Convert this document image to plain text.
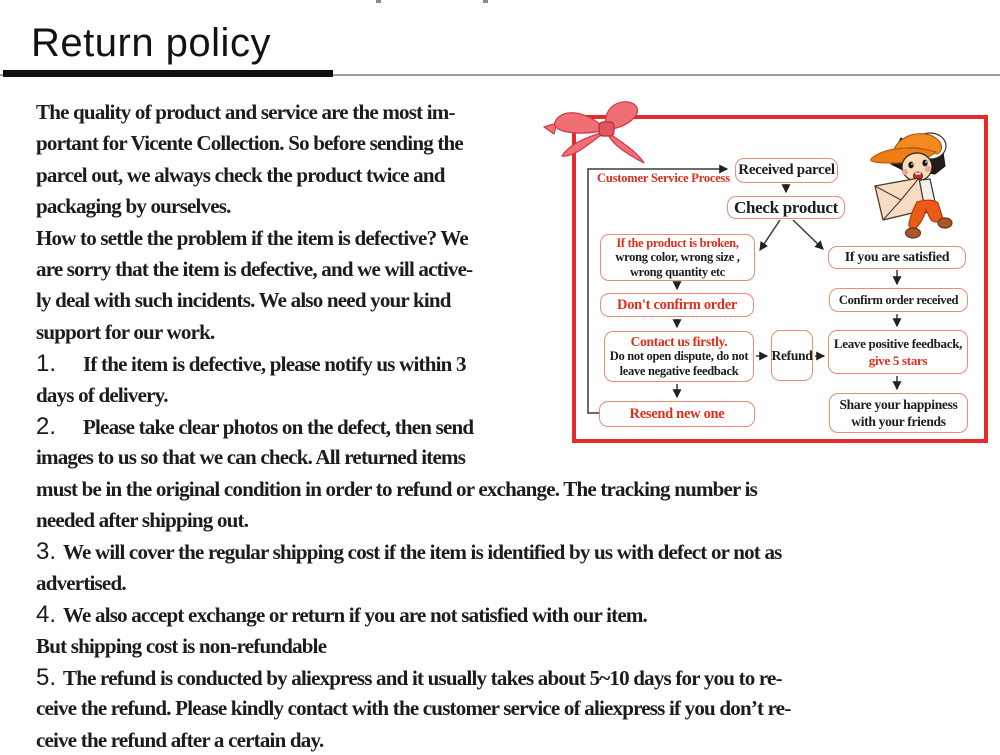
Return policy
The quality of product and service are the most im-
portant for Vicente Collection. So before sending the
parcel out, we always check the product twice and
packaging by ourselves.
How to settle the problem if the item is defective? We
are sorry that the item is defective, and we will active-
ly deal with such incidents. We also need your kind
support for our work.
1. If the item is defective, please notify us within 3
days of delivery.
2. Please take clear photos on the defect, then send
images to us so that we can check. All returned items
must be in the original condition in order to refund or exchange. The tracking number is
needed after shipping out.
3. We will cover the regular shipping cost if the item is identified by us with defect or not as
advertised.
4. We also accept exchange or return if you are not satisfied with our item.
But shipping cost is non-refundable
5. The refund is conducted by aliexpress and it usually takes about 5~10 days for you to re-
ceive the refund. Please kindly contact with the customer service of aliexpress if you don’t re-
ceive the refund after a certain day.
Customer Service Process Received parcel
Check product
If the product is broken,
wrong color, wrong size ,
wrong quantity etc
If you are satisfied
Don't confirm order	Confirm order received
Contact us firstly.
Do not open dispute, do not
leave negative feedback
Refund
Leave positive feedback,
give 5 stars
Resend new one
Share your happiness
with your friends
